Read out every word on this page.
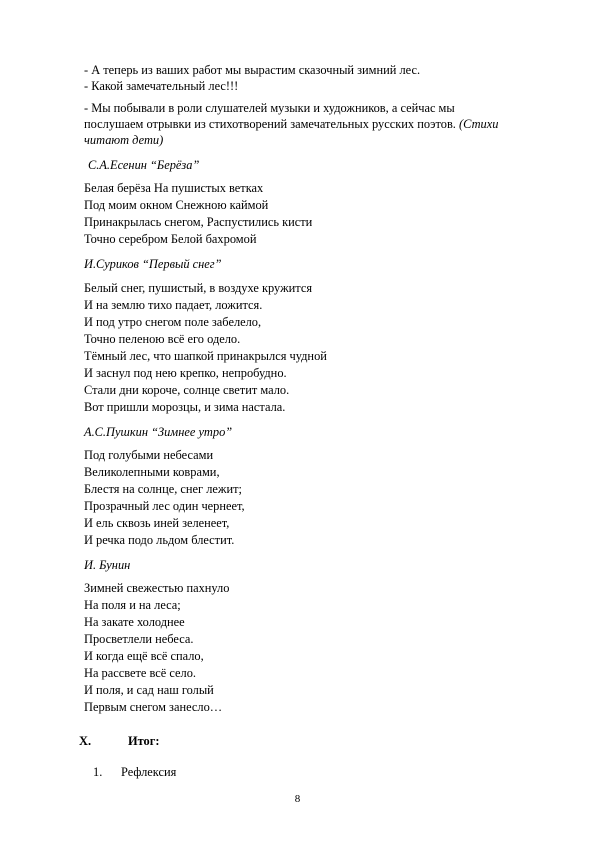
- А теперь из ваших работ мы вырастим сказочный зимний лес.
- Какой замечательный лес!!!
- Мы побывали в роли слушателей музыки и художников, а сейчас мы
послушаем отрывки из стихотворений замечательных русских поэтов. (Стихи
читают дети)
С.А.Есенин “Берёза”
Белая берёза На пушистых ветках
Под моим окном Снежною каймой
Принакрылась снегом, Распустились кисти
Точно серебром Белой бахромой
И.Суриков “Первый снег”
Белый снег, пушистый, в воздухе кружится
И на землю тихо падает, ложится.
И под утро снегом поле забелело,
Точно пеленою всё его одело.
Тёмный лес, что шапкой принакрылся чудной
И заснул под нею крепко, непробудно.
Стали дни короче, солнце светит мало.
Вот пришли морозцы, и зима настала.
А.С.Пушкин “Зимнее утро”
Под голубыми небесами
Великолепными коврами,
Блестя на солнце, снег лежит;
Прозрачный лес один чернеет,
И ель сквозь иней зеленеет,
И речка подо льдом блестит.
И. Бунин
Зимней свежестью пахнуло
На поля и на леса;
На закате холоднее
Просветлели небеса.
И когда ещё всё спало,
На рассвете всё село.
И поля, и сад наш голый
Первым снегом занесло…
X.	Итог:
1. Рефлексия
8
